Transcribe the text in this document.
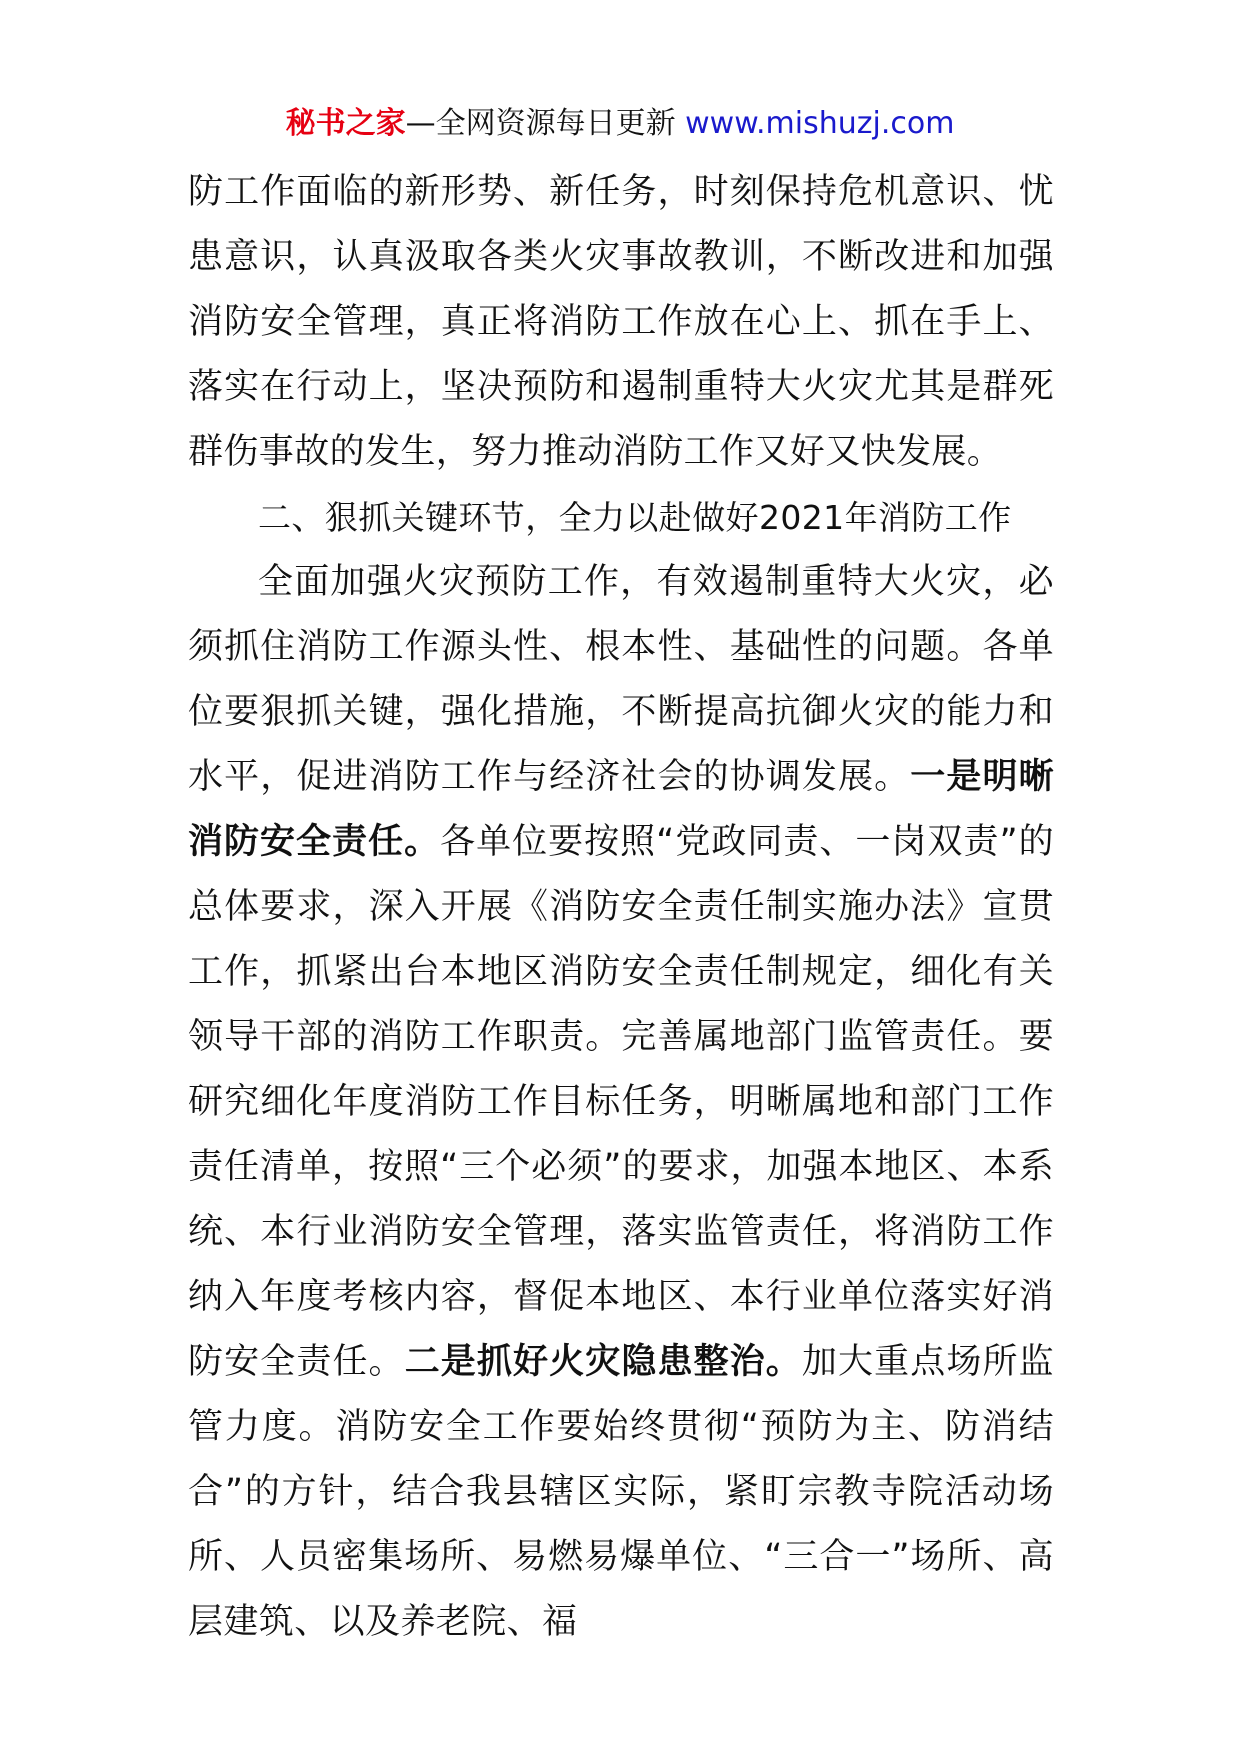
秘书之家—全网资源每日更新 www.mishuzj.com

防工作面临的新形势、新任务，时刻保持危机意识、忧患意识，认真汲取各类火灾事故教训，不断改进和加强消防安全管理，真正将消防工作放在心上、抓在手上、落实在行动上，坚决预防和遏制重特大火灾尤其是群死群伤事故的发生，努力推动消防工作又好又快发展。

二、狠抓关键环节，全力以赴做好2021年消防工作

全面加强火灾预防工作，有效遏制重特大火灾，必须抓住消防工作源头性、根本性、基础性的问题。各单位要狠抓关键，强化措施，不断提高抗御火灾的能力和水平，促进消防工作与经济社会的协调发展。一是明晰消防安全责任。各单位要按照“党政同责、一岗双责”的总体要求，深入开展《消防安全责任制实施办法》宣贯工作，抓紧出台本地区消防安全责任制规定，细化有关领导干部的消防工作职责。完善属地部门监管责任。要研究细化年度消防工作目标任务，明晰属地和部门工作责任清单，按照“三个必须”的要求，加强本地区、本系统、本行业消防安全管理，落实监管责任，将消防工作纳入年度考核内容，督促本地区、本行业单位落实好消防安全责任。二是抓好火灾隐患整治。加大重点场所监管力度。消防安全工作要始终贯彻“预防为主、防消结合”的方针，结合我县辖区实际，紧盯宗教寺院活动场所、人员密集场所、易燃易爆单位、“三合一”场所、高层建筑、以及养老院、福
